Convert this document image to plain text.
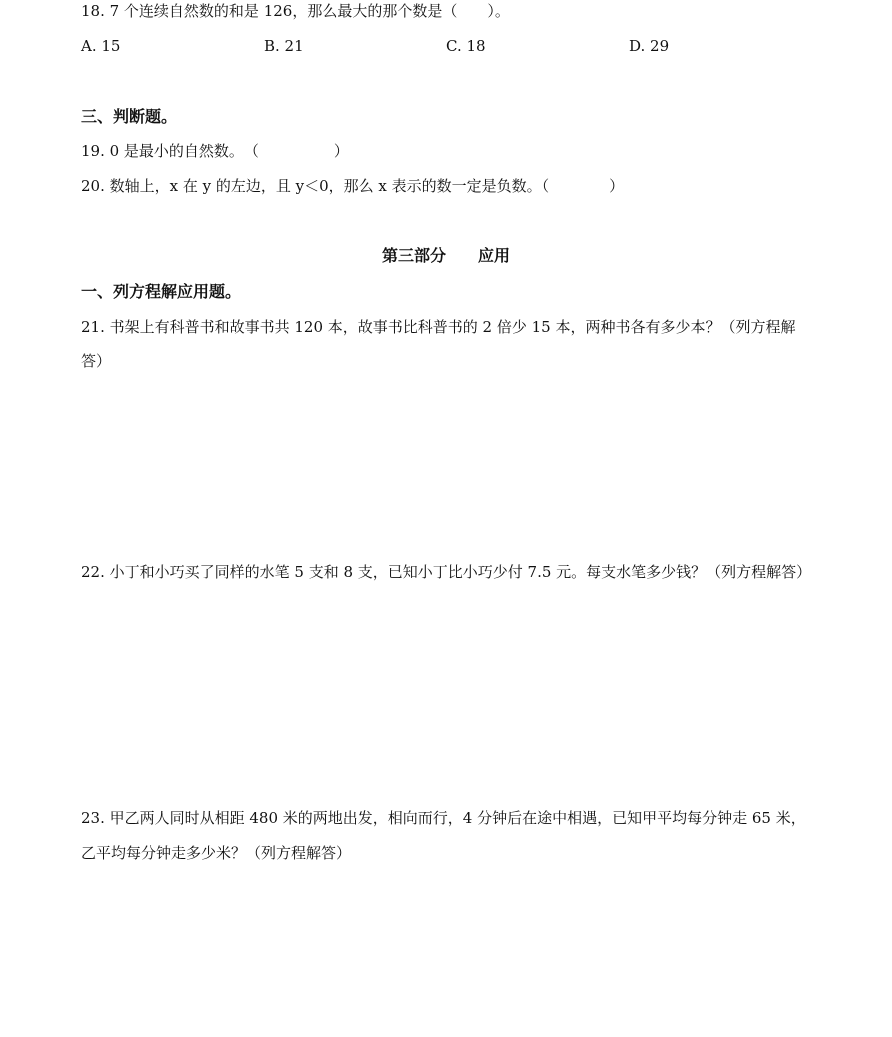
18. 7 个连续自然数的和是 126，那么最大的那个数是（　　）。
A. 15	B. 21	C. 18	D. 29
三、判断题。
19. 0 是最小的自然数。　（　　　　　）
20. 数轴上，x 在 y 的左边，且 y＜0，那么 x 表示的数一定是负数。（　　　　）
第三部分　　应用
一、列方程解应用题。
21. 书架上有科普书和故事书共 120 本，故事书比科普书的 2 倍少 15 本，两种书各有多少本？（列方程解
答）
22. 小丁和小巧买了同样的水笔 5 支和 8 支，已知小丁比小巧少付 7.5 元。每支水笔多少钱？（列方程解答）
23. 甲乙两人同时从相距 480 米的两地出发，相向而行，4 分钟后在途中相遇，已知甲平均每分钟走 65 米，
乙平均每分钟走多少米？（列方程解答）
